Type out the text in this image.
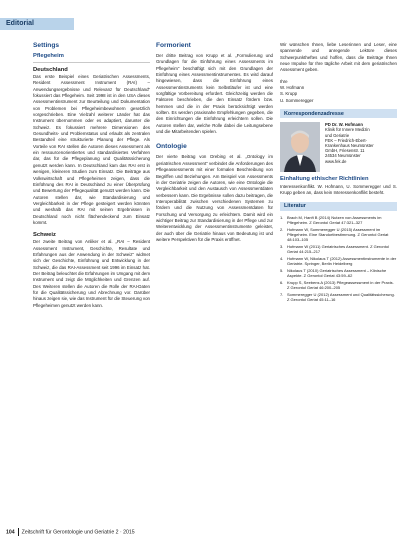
Editorial
Settings
Pflegeheim
Deutschland

Das erste Beispiel eines Geriatrischen Assessments, Resident Assessment Instrument (RAI) – Anwendungsergebnisse und Relevanz für Deutschland“ fokussiert das Pflegeheim. Seit 1998 ist in den USA dieses Assessmentinstrument zur Beurteilung und Dokumentation von Problemen bei Pflegeheimbewohnern gesetzlich vorgeschrieben. Eine Vielzahl weiterer Länder hat das Instrument übernommen oder es adaptiert, darunter die Schweiz. Es fokussiert mehrere Dimensionen des Gesundheits- und Problemstatus und erlaubt als zentralen Bestandteil eine strukturierte Planung der Pflege. Als Vorteile von RAI stellen die Autoren dieses Assessment als ein ressourcenorientiertes und standardisiertes Verfahren dar, das für die Pflegeplanung und Qualitätssicherung genutzt werden kann. In Deutschland kam das RAI erst in wenigen, kleineren Studien zum Einsatz. Die Beiträge aus Volkswirtschaft und Pflegeheimen zeigen, dass die Einführung des RAI in Deutschland zu einer Überprüfung und Bewertung der Pflegequalität genutzt werden kann. Die Autoren stellen dar, wie Standardisierung und Vergleichbarkeit in der Pflege gesteigert werden könnten und weshalb das RAI mit seinen Ergebnissen in Deutschland noch nicht flächendeckend zum Einsatz kommt.

Schweiz

Der zweite Beitrag von Anliker et al. „RAI – Resident Assessment Instrument, Geschichte, Resultate und Erfahrungen aus der Anwendung in der Schweiz“ widmet sich der Geschichte, Einführung und Entwicklung in der Schweiz, die das RAI-Assessment seit 1996 im Einsatz hat. Der Beitrag beleuchtet die Erfahrungen im Umgang mit dem Instrument und zeigt die Möglichkeiten und Grenzen auf. Des Weiteren stellen die Autoren die Rolle der RAI-Daten für die Qualitätssicherung und Abrechnung vor. Darüber hinaus zeigen sie, wie das Instrument für die Steuerung von Pflegeheimen genutzt werden kann.

Formorient

Der dritte Beitrag von Krupp et al. „Formulierung und Grundlagen für die Einführung eines Assessments im Pflegeheim“ beschäftigt sich mit den Grundlagen der Einführung eines Assessmentinstrumentes. Es wird darauf hingewiesen, dass die Einführung eines Assessmentinstruments kein Selbstläufer ist und eine sorgfältige Vorbereitung erfordert. Gleichzeitig werden die Faktoren beschrieben, die den Einsatz fördern bzw. hemmen und die in der Praxis berücksichtigt werden sollten. Es werden praxisnahe Empfehlungen gegeben, die den Einrichtungen die Einführung erleichtern sollen. Die Autoren stellen dar, welche Rolle dabei die Leitungsebene und die Mitarbeitenden spielen.

Ontologie

Der vierte Beitrag von Drebing et al. „Ontology im geriatrischen Assessment“ verbindet die Anforderungen des Pflegeassessments mit einer formalen Beschreibung von Begriffen und Beziehungen. Am Beispiel von Assessments in der Geriatrie zeigen die Autoren, wie eine Ontologie die Vergleichbarkeit und den Austausch von Assessmentdaten verbessern kann. Die Ergebnisse sollen dazu beitragen, die Interoperabilität zwischen verschiedenen Systemen zu fördern und die Nutzung von Assessmentdaten für Forschung und Versorgung zu erleichtern. Damit wird ein wichtiger Beitrag zur Standardisierung in der Pflege und zur Weiterentwicklung der Assessmentinstrumente geleistet, der auch über die Geriatrie hinaus von Bedeutung ist und weitere Perspektiven für die Praxis eröffnet.

Wir wünschen Ihnen, liebe Leserinnen und Leser, eine spannende und anregende Lektüre dieses Schwerpunktheftes und hoffen, dass die Beiträge Ihnen neue Impulse für Ihre tägliche Arbeit mit dem geriatrischen Assessment geben.

Ihre
W. Hofmann
S. Krupp
U. Sommeregger
Korrespondenzadresse
PD Dr. W. Hofmann
Klinik für Innere Medizin
und Geriatrie
FEK – Friedrich-Ebert-
Krankenhaus Neumünster
GmbH, Friesenstr. 11
24534 Neumünster
www.fek.de
Einhaltung ethischer Richtlinien

Interessenkonflikt. W. Hofmann, U. Sommeregger und S. Krupp geben an, dass kein Interessenkonflikt besteht.

Literatur
1. Brach M, Hanft B (2014) Nutzen von Assessments im Pflegeheim. Z Gerontol Geriat 47:321–327
2. Hofmann W, Sommeregger U (2015) Assessment im Pflegeheim. Eine Standortbestimmung. Z Gerontol Geriat 48:103–105
3. Hofmann W (2011) Geriatrisches Assessment. Z Gerontol Geriat 44:215–217
4. Hofmann W, Nikolaus T (2012) Assessmentinstrumente in der Geriatrie. Springer, Berlin Heidelberg
5. Nikolaus T (2010) Geriatrisches Assessment – Klinische Aspekte. Z Gerontol Geriat 43:59–62
6. Krupp S, Seebens A (2013) Pflegeassessment in der Praxis. Z Gerontol Geriat 46:200–205
7. Sommeregger U (2012) Assessment und Qualitätssicherung. Z Gerontol Geriat 45:11–16
104 Zeitschrift für Gerontologie und Geriatrie 2 · 2015
